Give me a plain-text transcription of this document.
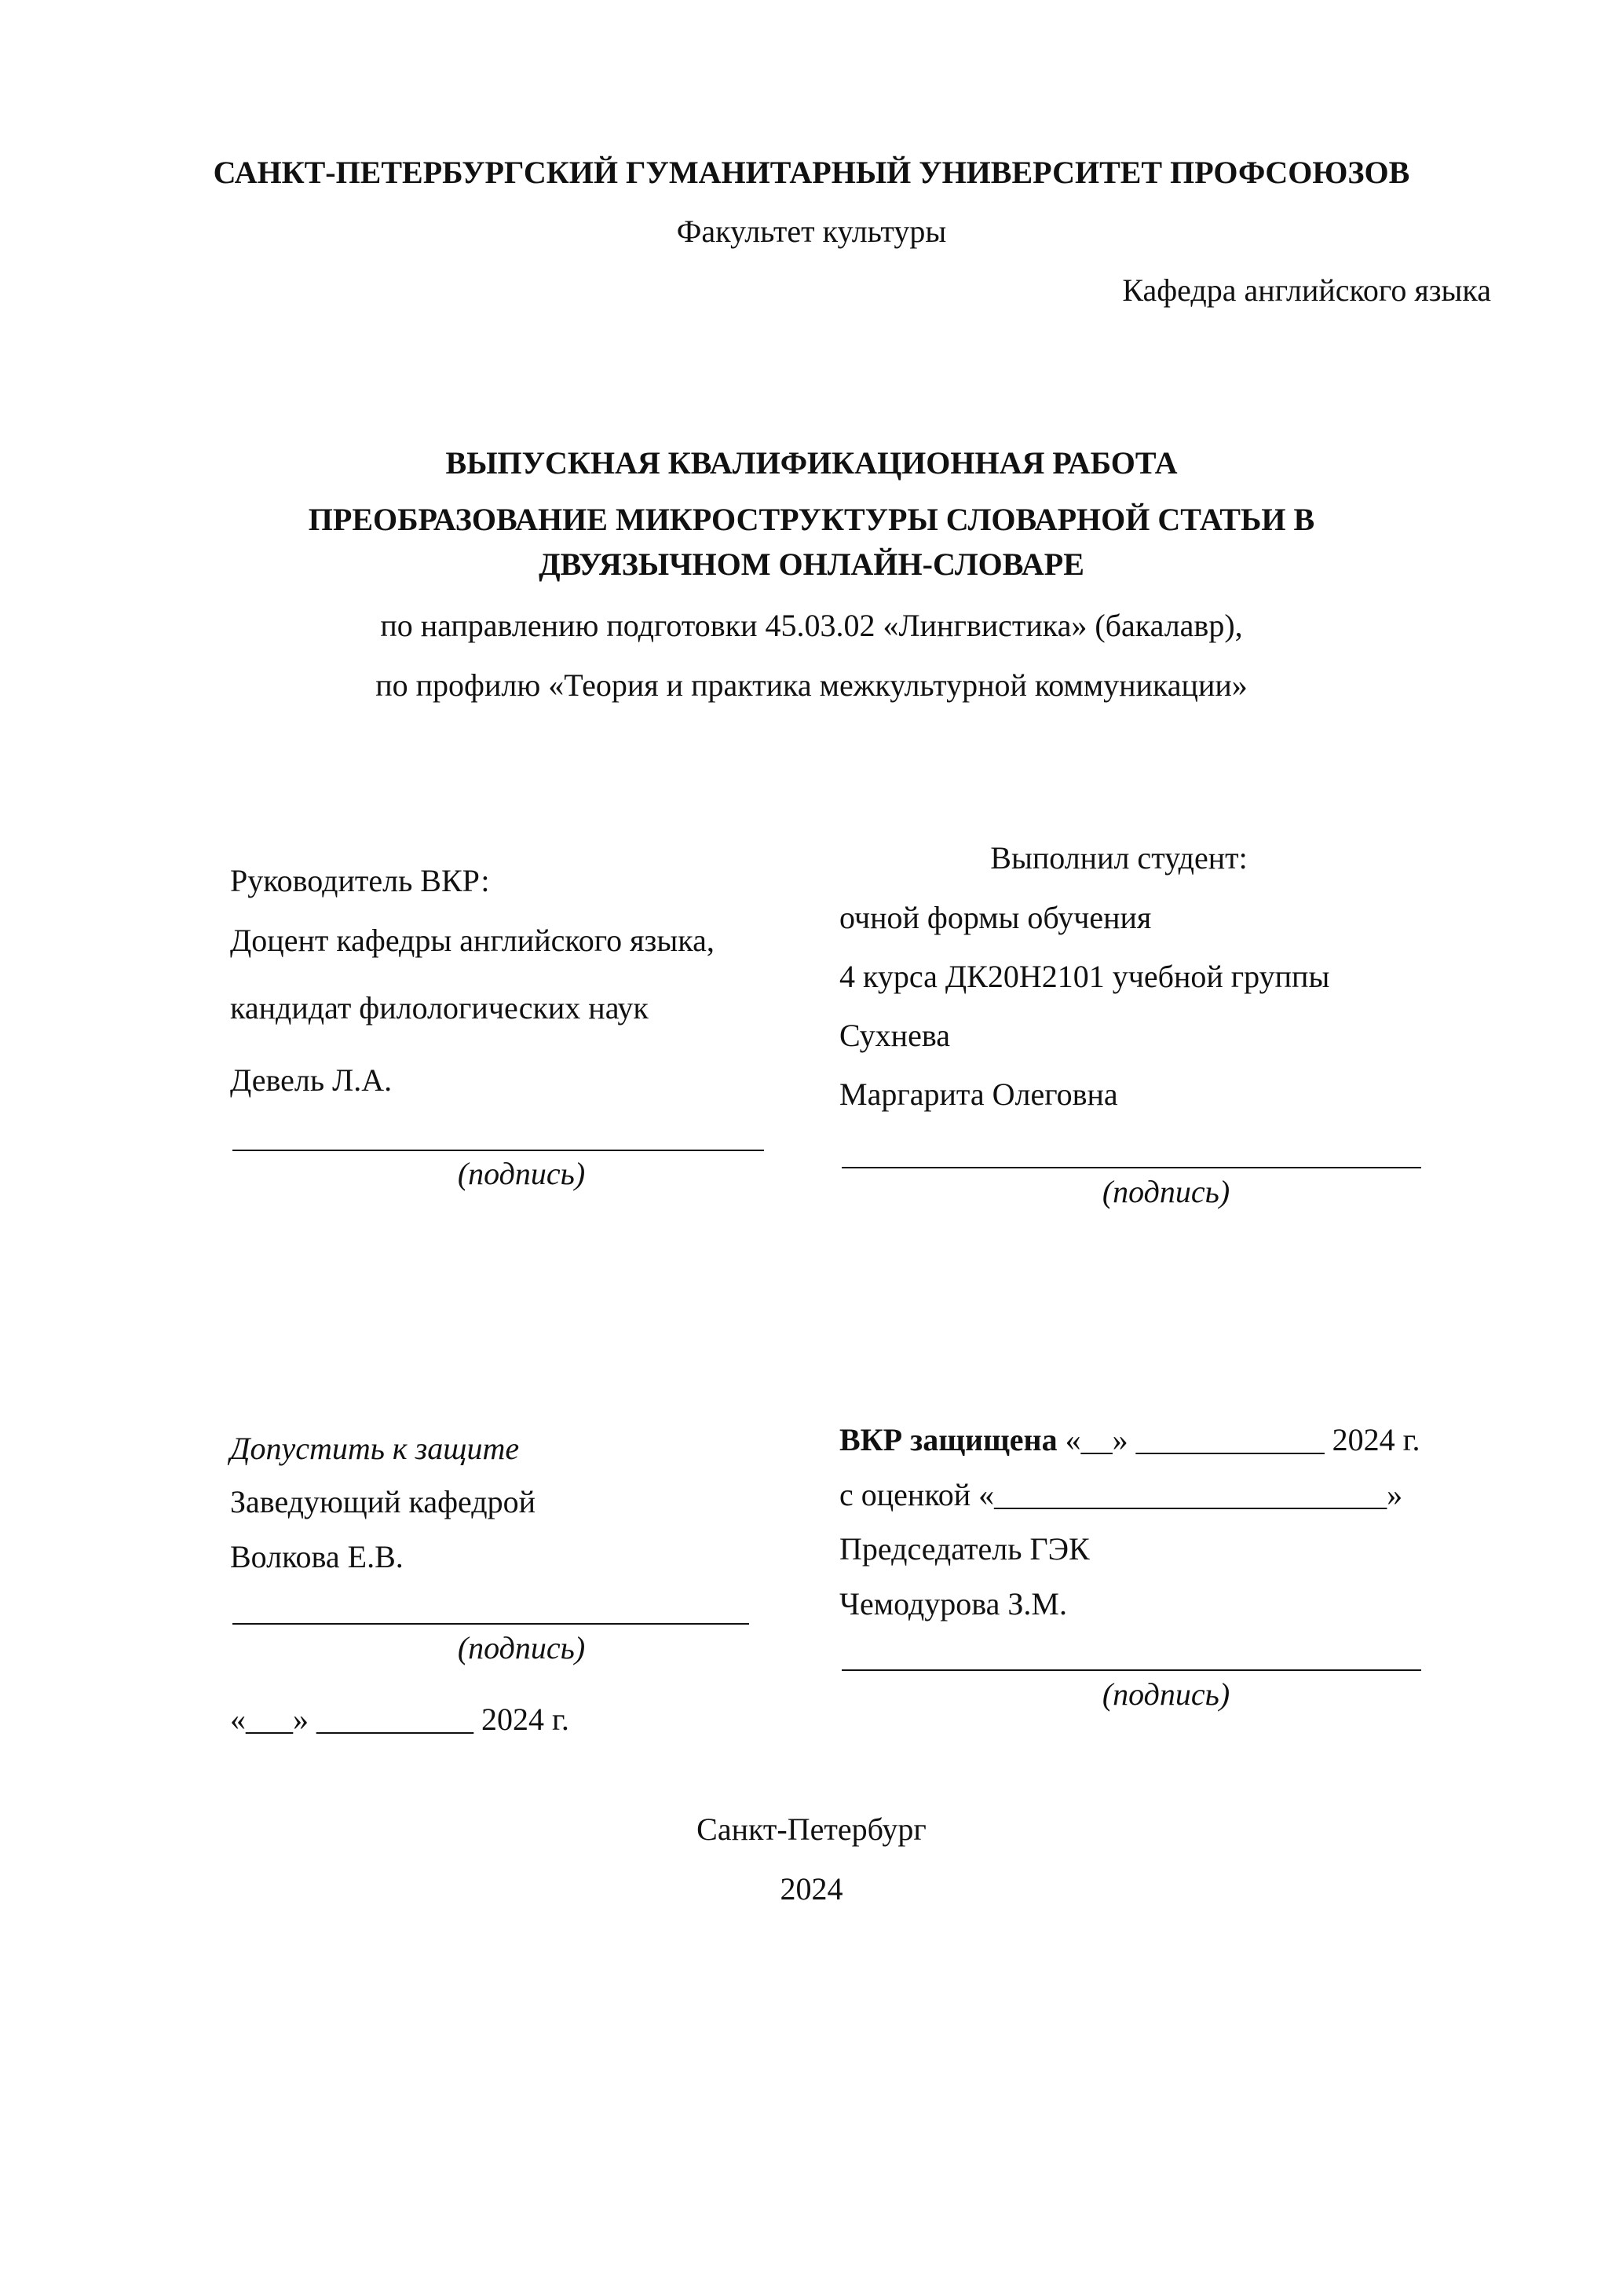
САНКТ-ПЕТЕРБУРГСКИЙ ГУМАНИТАРНЫЙ УНИВЕРСИТЕТ ПРОФСОЮЗОВ
Факультет культуры
Кафедра английского языка
ВЫПУСКНАЯ КВАЛИФИКАЦИОННАЯ РАБОТА
ПРЕОБРАЗОВАНИЕ МИКРОСТРУКТУРЫ СЛОВАРНОЙ СТАТЬИ В
ДВУЯЗЫЧНОМ ОНЛАЙН-СЛОВАРЕ
по направлению подготовки 45.03.02 «Лингвистика» (бакалавр),
по профилю «Теория и практика межкультурной коммуникации»
Руководитель ВКР:
Доцент кафедры английского языка,
кандидат филологических наук
Девель Л.А.
(подпись)
Выполнил студент:
очной формы обучения
4 курса ДК20Н2101 учебной группы
Сухнева
Маргарита Олеговна
(подпись)
Допустить к защите
Заведующий кафедрой
Волкова Е.В.
(подпись)
«___» __________ 2024 г.
ВКР защищена «__» ____________ 2024 г.
с оценкой «_________________________»
Председатель ГЭК
Чемодурова З.М.
(подпись)
Санкт-Петербург
2024
